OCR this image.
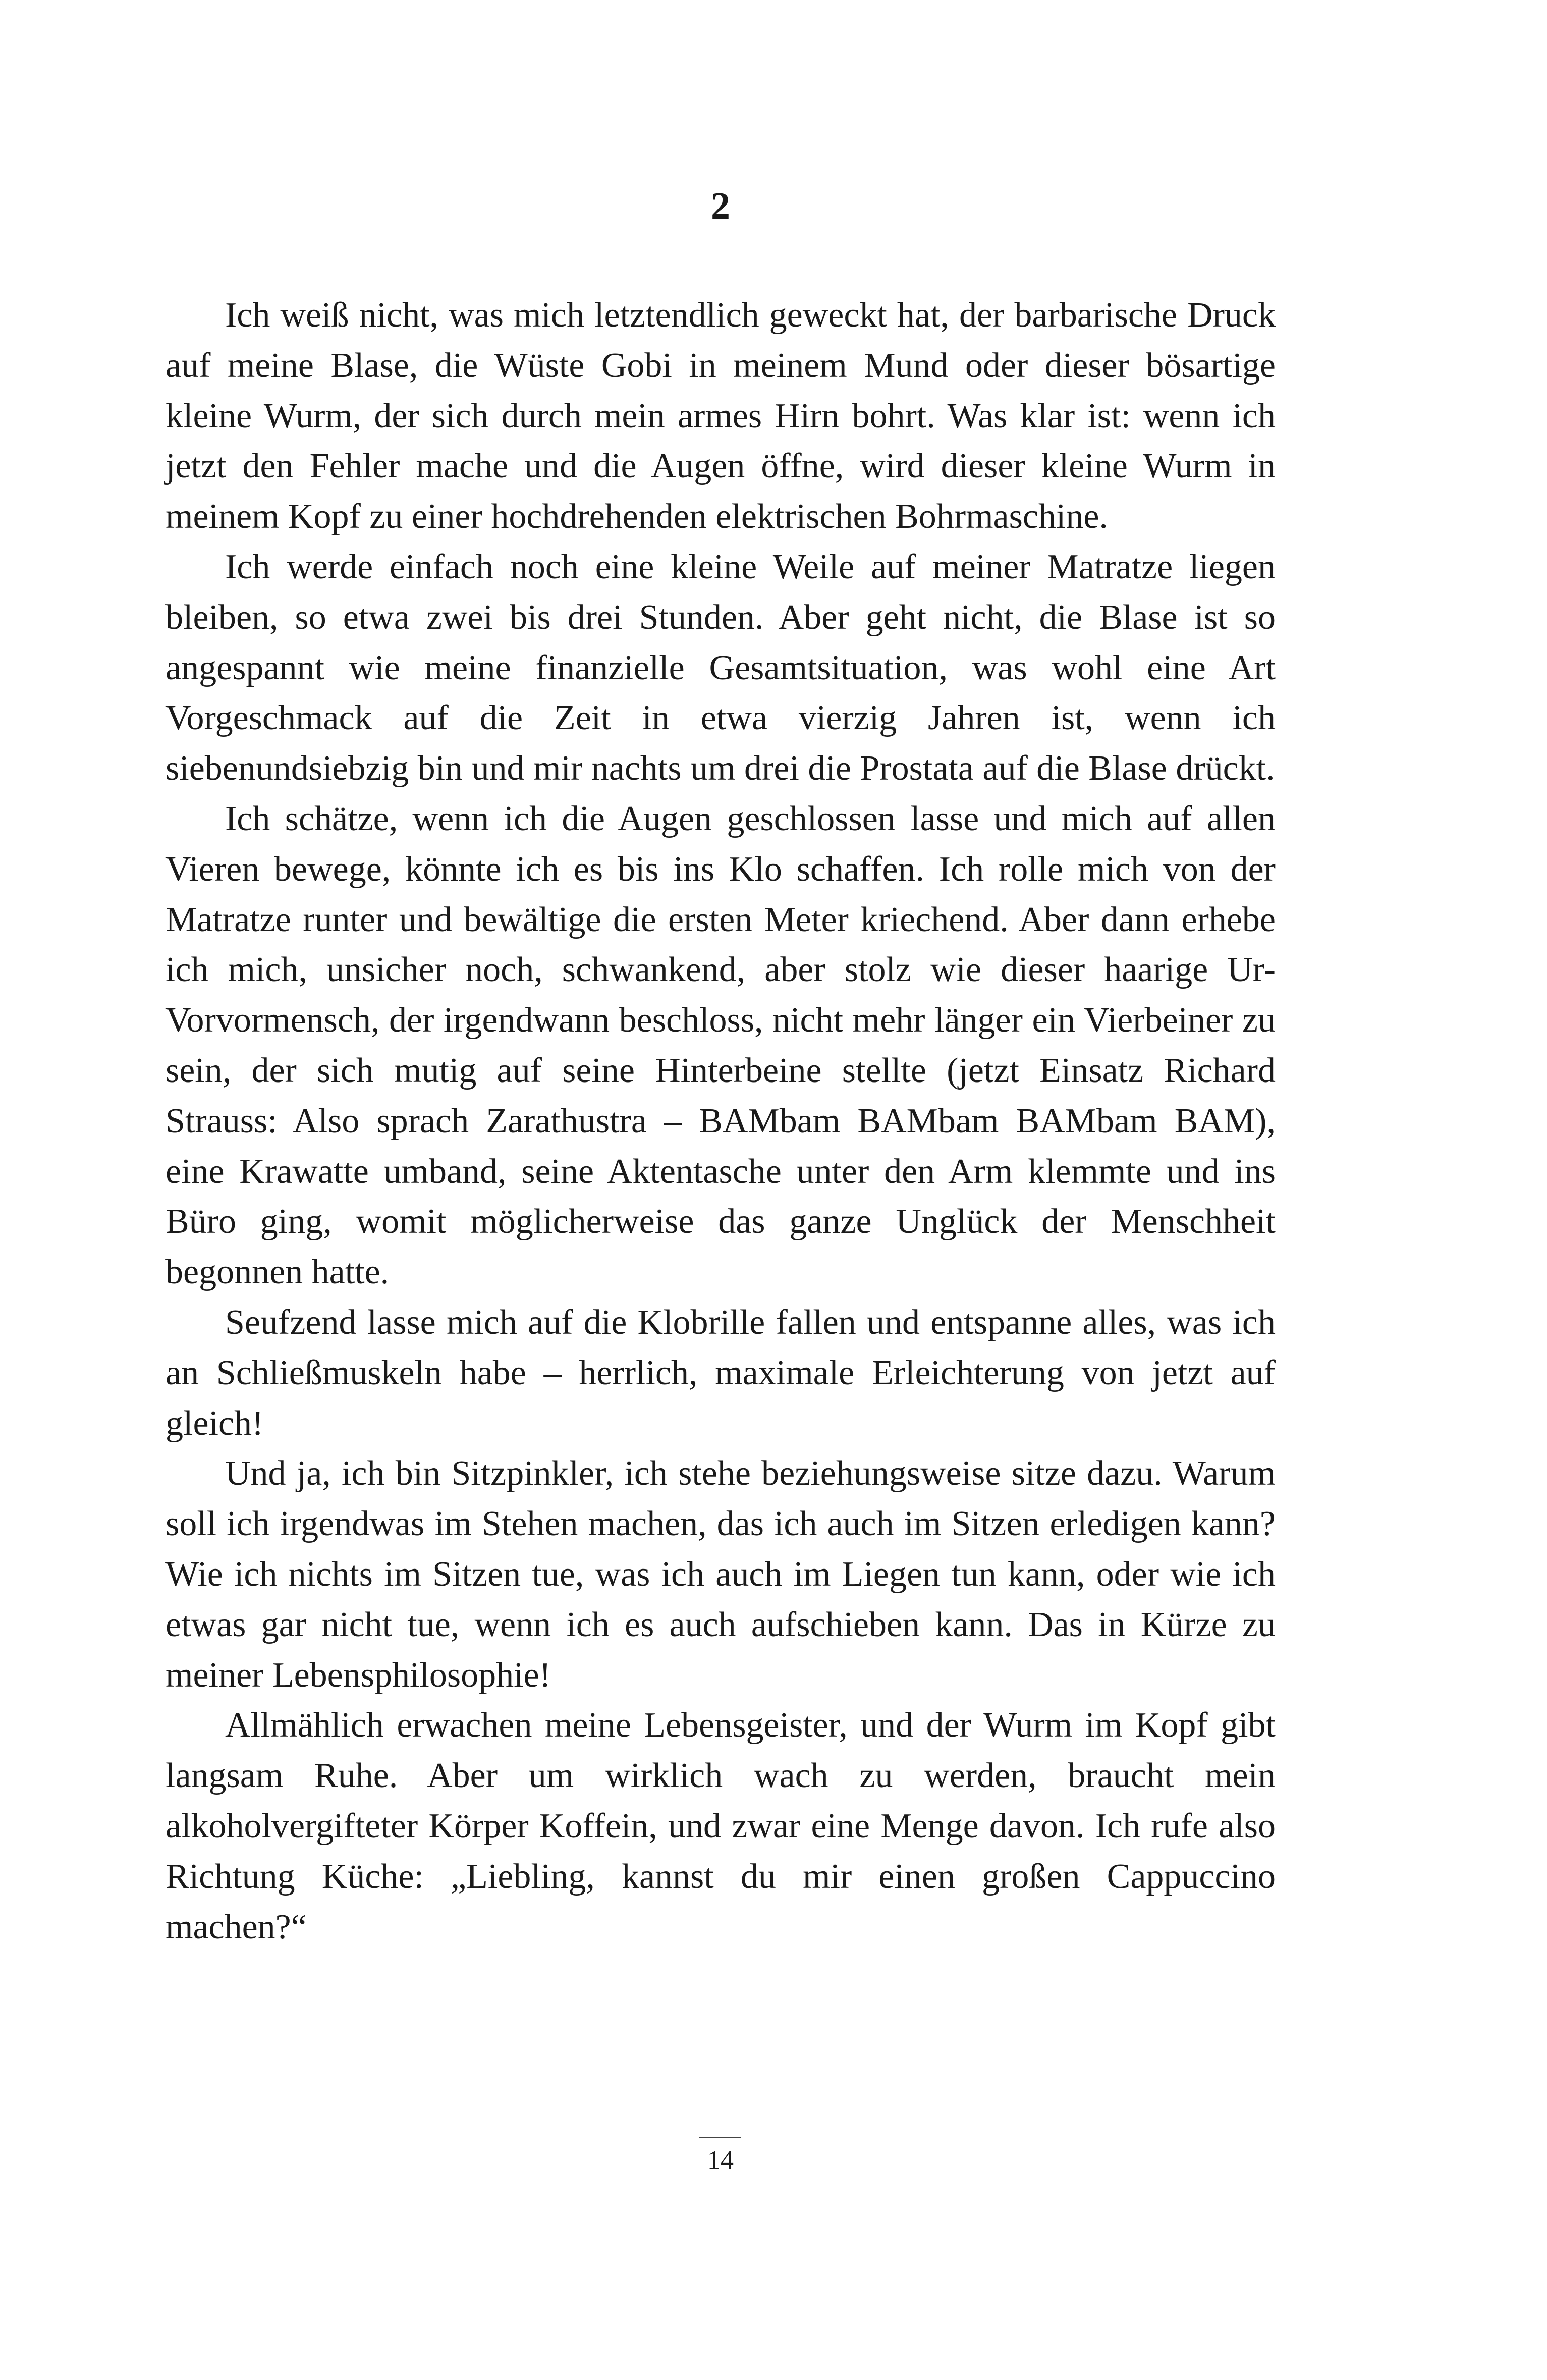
2

Ich weiß nicht, was mich letztendlich geweckt hat, der barbarische Druck auf meine Blase, die Wüste Gobi in meinem Mund oder dieser bösartige kleine Wurm, der sich durch mein armes Hirn bohrt. Was klar ist: wenn ich jetzt den Fehler mache und die Augen öffne, wird dieser kleine Wurm in meinem Kopf zu einer hochdrehenden elektrischen Bohrmaschine.

Ich werde einfach noch eine kleine Weile auf meiner Matratze liegen bleiben, so etwa zwei bis drei Stunden. Aber geht nicht, die Blase ist so angespannt wie meine finanzielle Gesamtsituation, was wohl eine Art Vorgeschmack auf die Zeit in etwa vierzig Jahren ist, wenn ich siebenundsiebzig bin und mir nachts um drei die Prostata auf die Blase drückt.

Ich schätze, wenn ich die Augen geschlossen lasse und mich auf allen Vieren bewege, könnte ich es bis ins Klo schaffen. Ich rolle mich von der Matratze runter und bewältige die ersten Meter kriechend. Aber dann erhebe ich mich, unsicher noch, schwankend, aber stolz wie dieser haarige Ur-Vorvormensch, der irgendwann beschloss, nicht mehr länger ein Vierbeiner zu sein, der sich mutig auf seine Hinterbeine stellte (jetzt Einsatz Richard Strauss: Also sprach Zarathustra – BAMbam BAMbam BAMbam BAM), eine Krawatte umband, seine Aktentasche unter den Arm klemmte und ins Büro ging, womit möglicherweise das ganze Unglück der Menschheit begonnen hatte.

Seufzend lasse mich auf die Klobrille fallen und entspanne alles, was ich an Schließmuskeln habe – herrlich, maximale Erleichterung von jetzt auf gleich!

Und ja, ich bin Sitzpinkler, ich stehe beziehungsweise sitze dazu. Warum soll ich irgendwas im Stehen machen, das ich auch im Sitzen erledigen kann? Wie ich nichts im Sitzen tue, was ich auch im Liegen tun kann, oder wie ich etwas gar nicht tue, wenn ich es auch aufschieben kann. Das in Kürze zu meiner Lebensphilosophie!

Allmählich erwachen meine Lebensgeister, und der Wurm im Kopf gibt langsam Ruhe. Aber um wirklich wach zu werden, braucht mein alkoholvergifteter Körper Koffein, und zwar eine Menge davon. Ich rufe also Richtung Küche: „Liebling, kannst du mir einen großen Cappuccino machen?“

14
